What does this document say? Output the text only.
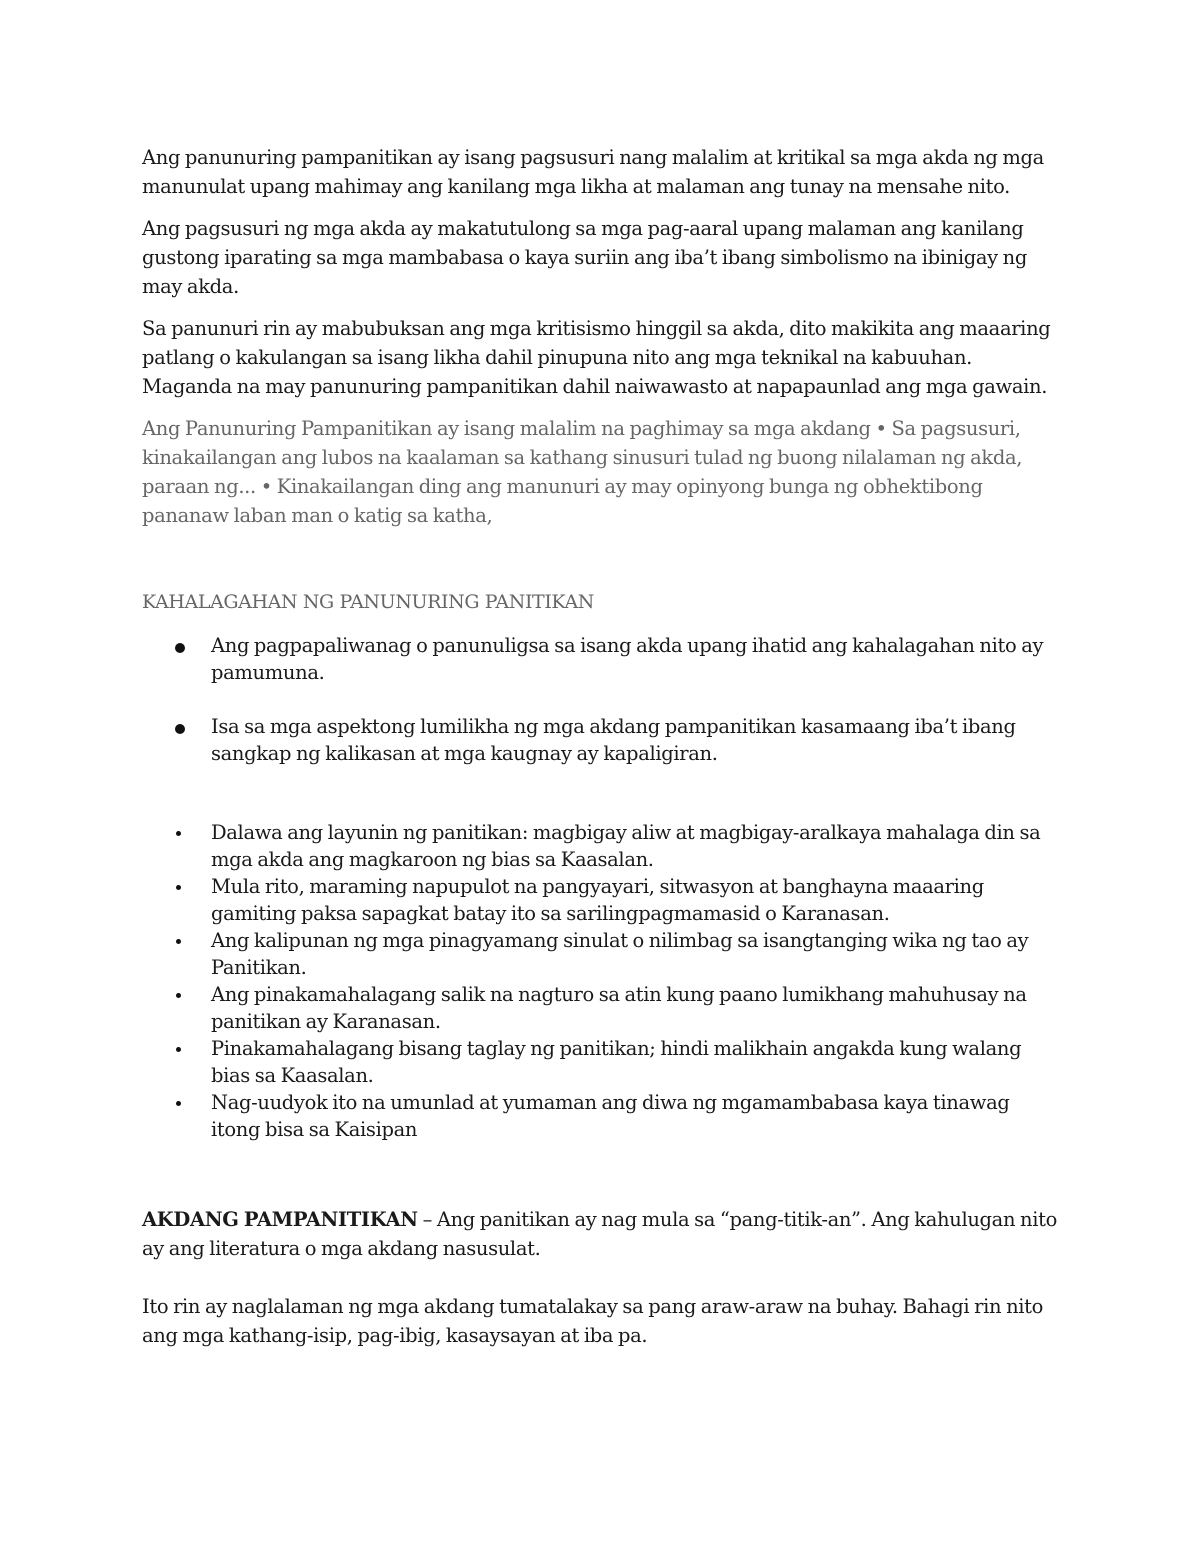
Ang panunuring pampanitikan ay isang pagsusuri nang malalim at kritikal sa mga akda ng mga manunulat upang mahimay ang kanilang mga likha at malaman ang tunay na mensahe nito.

Ang pagsusuri ng mga akda ay makatutulong sa mga pag-aaral upang malaman ang kanilang gustong iparating sa mga mambabasa o kaya suriin ang iba’t ibang simbolismo na ibinigay ng may akda.

Sa panunuri rin ay mabubuksan ang mga kritisismo hinggil sa akda, dito makikita ang maaaring patlang o kakulangan sa isang likha dahil pinupuna nito ang mga teknikal na kabuuhan. Maganda na may panunuring pampanitikan dahil naiwawasto at napapaunlad ang mga gawain.

Ang Panunuring Pampanitikan ay isang malalim na paghimay sa mga akdang • Sa pagsusuri, kinakailangan ang lubos na kaalaman sa kathang sinusuri tulad ng buong nilalaman ng akda, paraan ng... • Kinakailangan ding ang manunuri ay may opinyong bunga ng obhektibong pananaw laban man o katig sa katha,

KAHALAGAHAN NG PANUNURING PANITIKAN
Ang pagpapaliwanag o panunuligsa sa isang akda upang ihatid ang kahalagahan nito ay pamumuna.
Isa sa mga aspektong lumilikha ng mga akdang pampanitikan kasamaang iba’t ibang sangkap ng kalikasan at mga kaugnay ay kapaligiran.
Dalawa ang layunin ng panitikan: magbigay aliw at magbigay-aralkaya mahalaga din sa mga akda ang magkaroon ng bias sa Kaasalan.
Mula rito, maraming napupulot na pangyayari, sitwasyon at banghayna maaaring gamiting paksa sapagkat batay ito sa sarilingpagmamasid o Karanasan.
Ang kalipunan ng mga pinagyamang sinulat o nilimbag sa isangtanging wika ng tao ay Panitikan.
Ang pinakamahalagang salik na nagturo sa atin kung paano lumikhang mahuhusay na panitikan ay Karanasan.
Pinakamahalagang bisang taglay ng panitikan; hindi malikhain angakda kung walang bias sa Kaasalan.
Nag-uudyok ito na umunlad at yumaman ang diwa ng mgamambabasa kaya tinawag itong bisa sa Kaisipan

AKDANG PAMPANITIKAN – Ang panitikan ay nag mula sa “pang-titik-an”. Ang kahulugan nito ay ang literatura o mga akdang nasusulat.

Ito rin ay naglalaman ng mga akdang tumatalakay sa pang araw-araw na buhay. Bahagi rin nito ang mga kathang-isip, pag-ibig, kasaysayan at iba pa.
